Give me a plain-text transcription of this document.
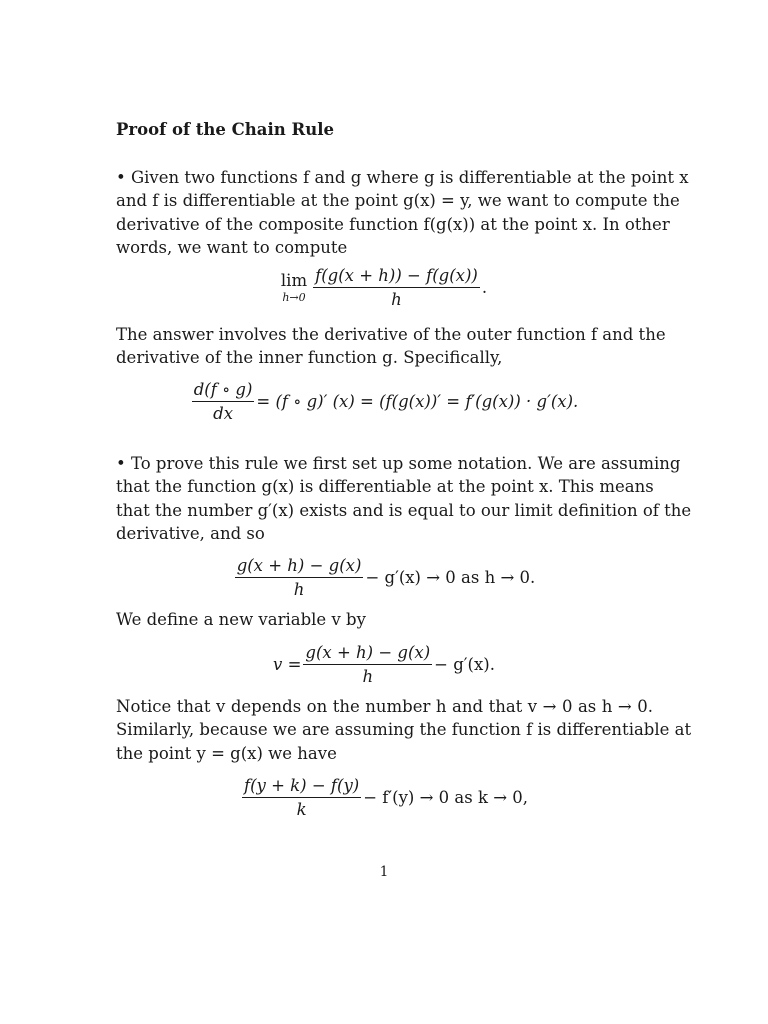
Proof of the Chain Rule

• Given two functions f and g where g is differentiable at the point x
and f is differentiable at the point g(x) = y, we want to compute the
derivative of the composite function f(g(x)) at the point x. In other
words, we want to compute

lim
$h\to 0 \frac{f(g(x + h)) - f(g(x))}{h}$ .

The answer involves the derivative of the outer function f and the
derivative of the inner function g. Specifically,

$\frac{d(f \circ g)}{dx} = (f$ ∘ g)′ (x) = (f(g(x))′ = f′(g(x)) · g′(x).

• To prove this rule we first set up some notation. We are assuming
that the function g(x) is differentiable at the point x. This means
that the number g′(x) exists and is equal to our limit definition of the
derivative, and so

$\frac{g(x + h) - g(x)}{h} - g'(x) \to 0$ as h → 0.

We define a new variable v by

$v = \frac{g(x + h) - g(x)}{h} - g'(x)$.

Notice that v depends on the number h and that v → 0 as h → 0.
Similarly, because we are assuming the function f is differentiable at
the point y = g(x) we have

$\frac{f(y + k) - f(y)}{k} - f'(y) \to 0$ as k → 0,
1
